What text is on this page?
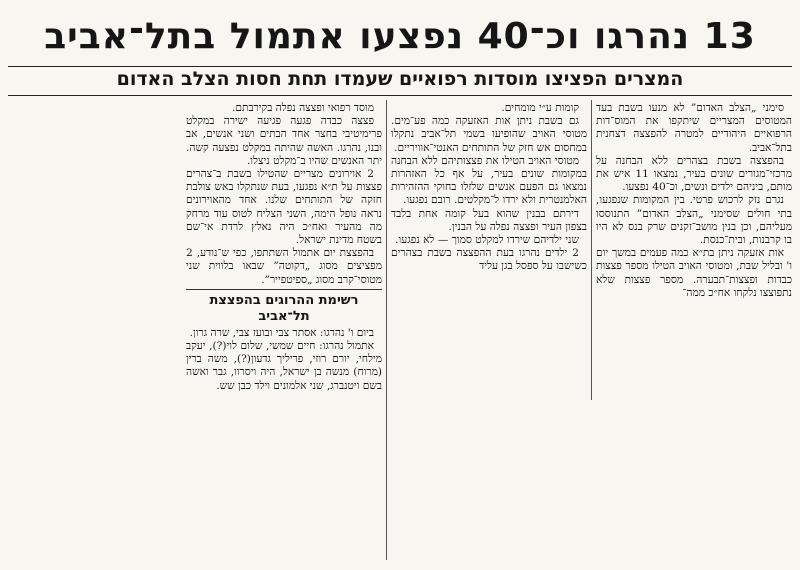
13 נהרגו וכ־40 נפצעו אתמול בתל־אביב
המצרים הפציצו מוסדות רפואיים שעמדו תחת חסות הצלב האדום

סימני „הצלב האדום” לא מנעו בשבת בעד המטוסים המצריים שיתקפו את המוס־דות הרפואיים היהודיים למטרה להפצצה דצחנית בתל־אביב.

בהפצצה בשבת בצהרים ללא הבחנה על מרכזי־מגורים שונים בעיר, נמצאו 11 איש את מותם, ביניהם ילדים ונשים, וכ־40 נפצעו.

נגרם נזק לרכוש פרטי. בין המקומות שנפגעו, בתי חולים שסימני „הצלב האדום” התנוססו מעליהם, וכן בנין מושב־זקנים שרק בנס לא היו בו קרבנות, ובית־כנסת.

אות אזעקה ניתן בת״א כמה פעמים במשך יום ו' ובליל שבת, ומטוסי האויב הטילו מספר פצצות כבדות ופצצות־תבערה. מספר פצצות שלא נתפוצצו נלקחו אח״כ ממה־

קומות ע״י מומחים.

גם בשבת ניתן אות האזעקה כמה פע־מים. מטוסי האויב שהופיעו בשמי תל־אביב נתקלו במחסום אש חזק של התותחים האנטי־אוויריים.

מטוסי האויב הטילו את פצצותיהם ללא הבחנה במקומות שונים בעיר, על אף כל האזהרות נמצאו גם הפעם אנשים שלזלו בחוקי ההזהירות האלמנטרית ולא ירדו ל־מקלטים. רובם נפגעו.

דירתם בבנין שהוא בעל קומה אחת בלבד בצפון העיר ופצצה נפלה על הבנין.

שני ילדיהם שירדו למקלט סמוך — לא נפגעו.

2 ילדים נהרגו בעת ההפצצה בשבת בצהרים כשישבו על ספסל בגן עליד

מוסד רפואי ופצצה נפלה בקירבתם.

פצצה כבדה פגעה פגיעה ישירה במקלט פרימיטיבי בחצר אחד הבתים ושני אנשים, אב ובנו, נהרגו. האשה שהיתה במקלט נפצעה קשה. יתר האנשים שהיו ב־מקלט ניצלו.

2 אוירונים מצריים שהטילו בשבת ב־צהרים פצצות על ת״א נפגעו, בעת שנתקלו באש צולבת חזקה של התותחים שלנו. אחד מהאוירונים נראה נופל הימה, השני הצליח לטוס עוד מרחק מה מהעיר ואח״כ היה נאלץ לרדת אי־שם בשטח מדינת ישראל.

בהפצצת יום אתמול השתתפו, כפי ש־נודע, 2 מפציצים מסוג „דקוטה” שבאו בלווית שני מטוסי־קרב מסוג „ספיטפייר”.

רשימת ההרוגים בהפצצת תל־אביב

ביום ו' נהרגו: אסתר צבי ובועז צבי, שרה גרון.

אתמול נהרגו: חיים שמשי, שלום לוי(?), יעקב מילחי, יורם רוזי, פריליך גדעון(?), משה ברין (מרוח) מנשה בן ישראל, היה ויסרוו, גבר ואשה בשם ויטנברג, שני אלמונים וילד כבן שש.
